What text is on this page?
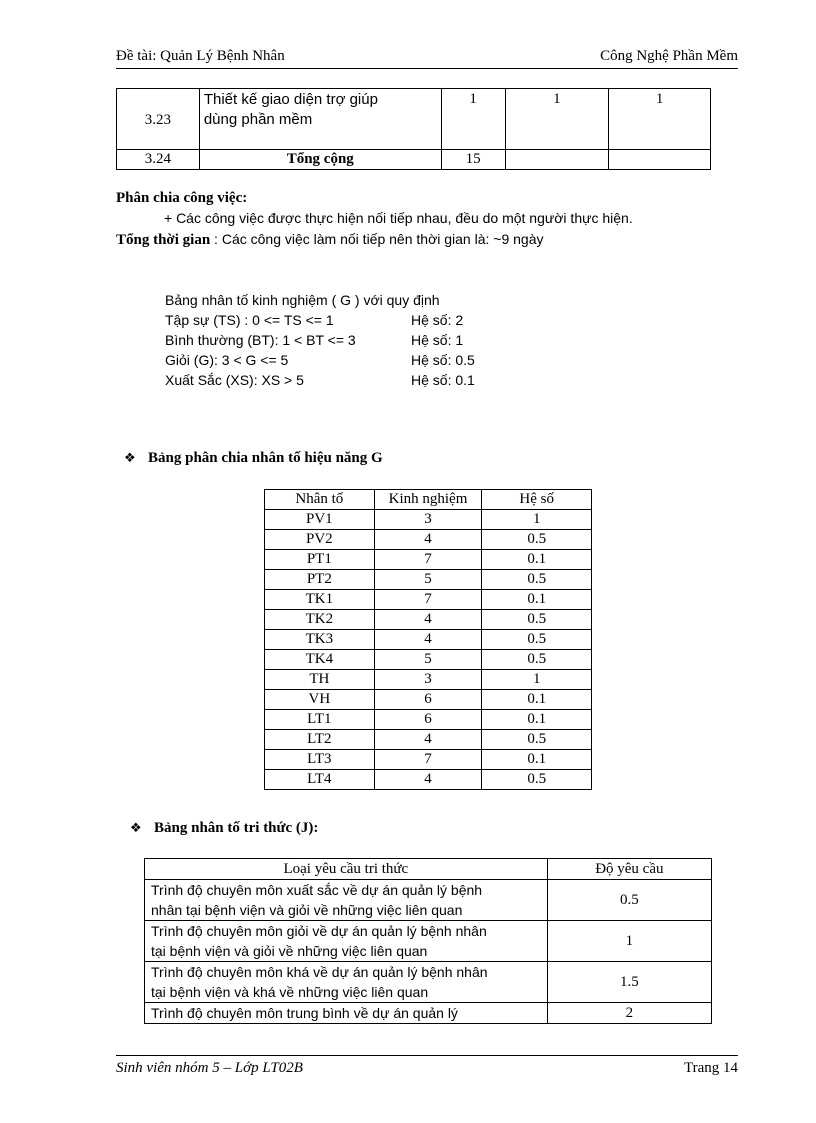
Đề tài: Quản Lý Bệnh Nhân	Công Nghệ Phần Mềm
3.23	Thiết kế giao diện trợ giúp
dùng phần mềm	1	1	1
3.24	Tổng cộng	15		
Phân chia công việc:
+ Các công việc được thực hiện nối tiếp nhau, đều do một người thực hiện.
Tổng thời gian : Các công việc làm nối tiếp nên thời gian là: ~9 ngày
Bảng nhân tố kinh nghiệm ( G ) với quy định
Tập sự (TS) : 0 <= TS <= 1	Hệ số: 2
Bình thường (BT): 1 < BT <= 3	Hệ số: 1
Giỏi (G): 3 < G <= 5	Hệ số: 0.5
Xuất Sắc (XS): XS > 5	Hệ số: 0.1
❖ Bảng phân chia nhân tố hiệu năng G
Nhân tố	Kinh nghiệm	Hệ số
PV1	3	1
PV2	4	0.5
PT1	7	0.1
PT2	5	0.5
TK1	7	0.1
TK2	4	0.5
TK3	4	0.5
TK4	5	0.5
TH	3	1
VH	6	0.1
LT1	6	0.1
LT2	4	0.5
LT3	7	0.1
LT4	4	0.5
❖ Bảng nhân tố tri thức (J):
Loại yêu cầu tri thức	Độ yêu cầu

Trình độ chuyên môn xuất sắc về dự án quản lý bệnh
nhân tại bệnh viện và giỏi về những việc liên quan	0.5

Trình độ chuyên môn giỏi về dự án quản lý bệnh nhân
tại bệnh viện và giỏi về những việc liên quan	1

Trình độ chuyên môn khá về dự án quản lý bệnh nhân
tại bệnh viện và khá về những việc liên quan	1.5

Trình độ chuyên môn trung bình về dự án quản lý	2
Sinh viên nhóm 5 – Lớp LT02B	Trang 14
